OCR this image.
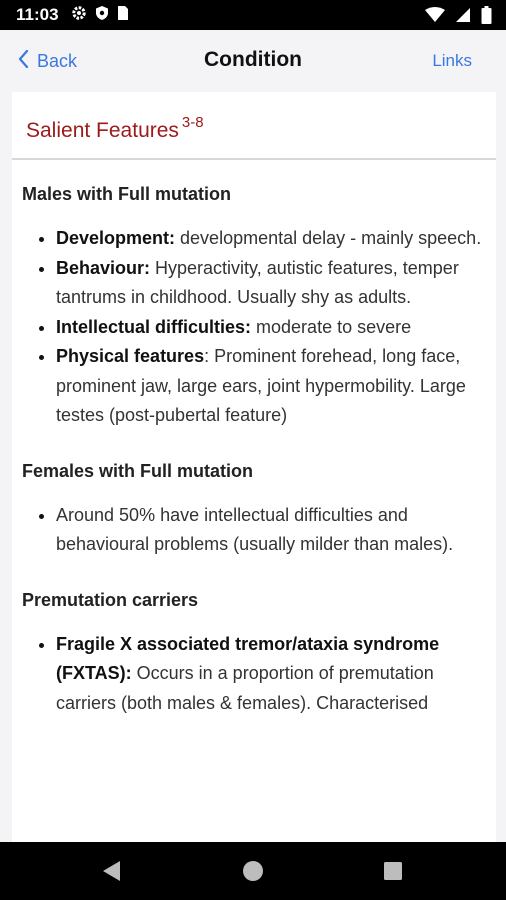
11:03
Back	Condition	Links
Salient Features $^{3-8}$
Males with Full mutation
• Development: developmental delay - mainly speech.
• Behaviour: Hyperactivity, autistic features, temper tantrums in childhood. Usually shy as adults.
• Intellectual difficulties: moderate to severe
• Physical features: Prominent forehead, long face, prominent jaw, large ears, joint hypermobility. Large testes (post-pubertal feature)
Females with Full mutation
• Around 50% have intellectual difficulties and behavioural problems (usually milder than males).
Premutation carriers
• Fragile X associated tremor/ataxia syndrome (FXTAS): Occurs in a proportion of premutation carriers (both males & females). Characterised
